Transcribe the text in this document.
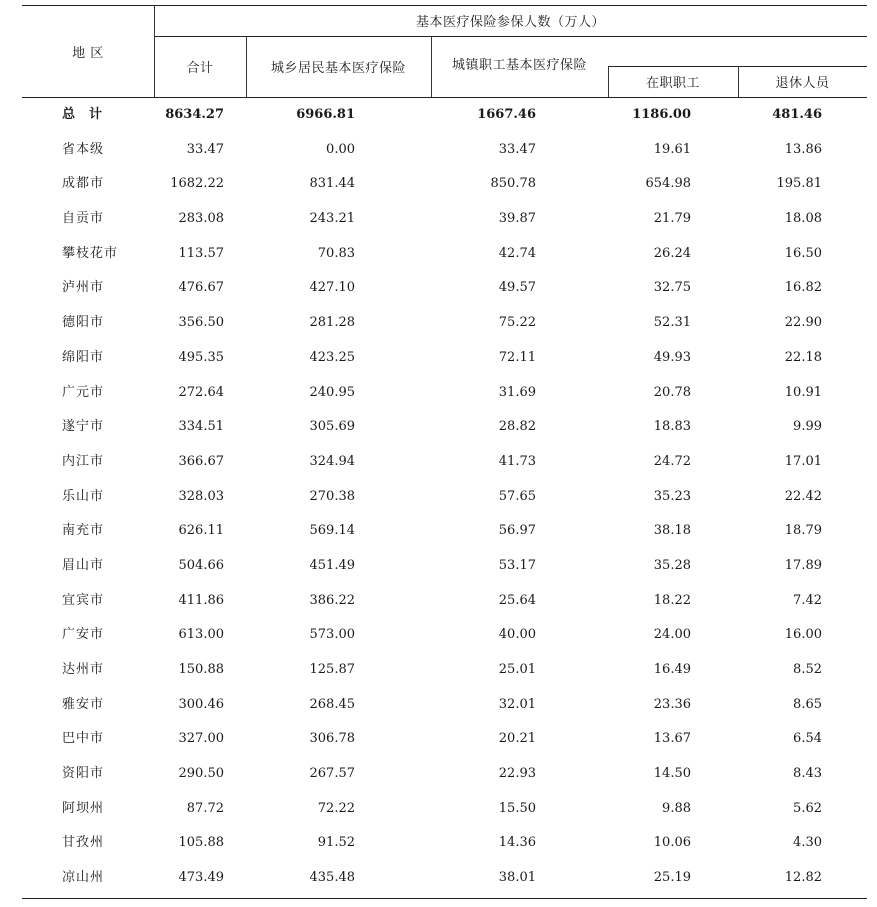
地 区
基本医疗保险参保人数（万人）
合计	城乡居民基本医疗保险	城镇职工基本医疗保险
在职职工	退休人员
总计	8634.27	6966.81	1667.46	1186.00	481.46
省本级	33.47	0.00	33.47	19.61	13.86
成都市	1682.22	831.44	850.78	654.98	195.81
自贡市	283.08	243.21	39.87	21.79	18.08
攀枝花市	113.57	70.83	42.74	26.24	16.50
泸州市	476.67	427.10	49.57	32.75	16.82
德阳市	356.50	281.28	75.22	52.31	22.90
绵阳市	495.35	423.25	72.11	49.93	22.18
广元市	272.64	240.95	31.69	20.78	10.91
遂宁市	334.51	305.69	28.82	18.83	9.99
内江市	366.67	324.94	41.73	24.72	17.01
乐山市	328.03	270.38	57.65	35.23	22.42
南充市	626.11	569.14	56.97	38.18	18.79
眉山市	504.66	451.49	53.17	35.28	17.89
宜宾市	411.86	386.22	25.64	18.22	7.42
广安市	613.00	573.00	40.00	24.00	16.00
达州市	150.88	125.87	25.01	16.49	8.52
雅安市	300.46	268.45	32.01	23.36	8.65
巴中市	327.00	306.78	20.21	13.67	6.54
资阳市	290.50	267.57	22.93	14.50	8.43
阿坝州	87.72	72.22	15.50	9.88	5.62
甘孜州	105.88	91.52	14.36	10.06	4.30
凉山州	473.49	435.48	38.01	25.19	12.82
